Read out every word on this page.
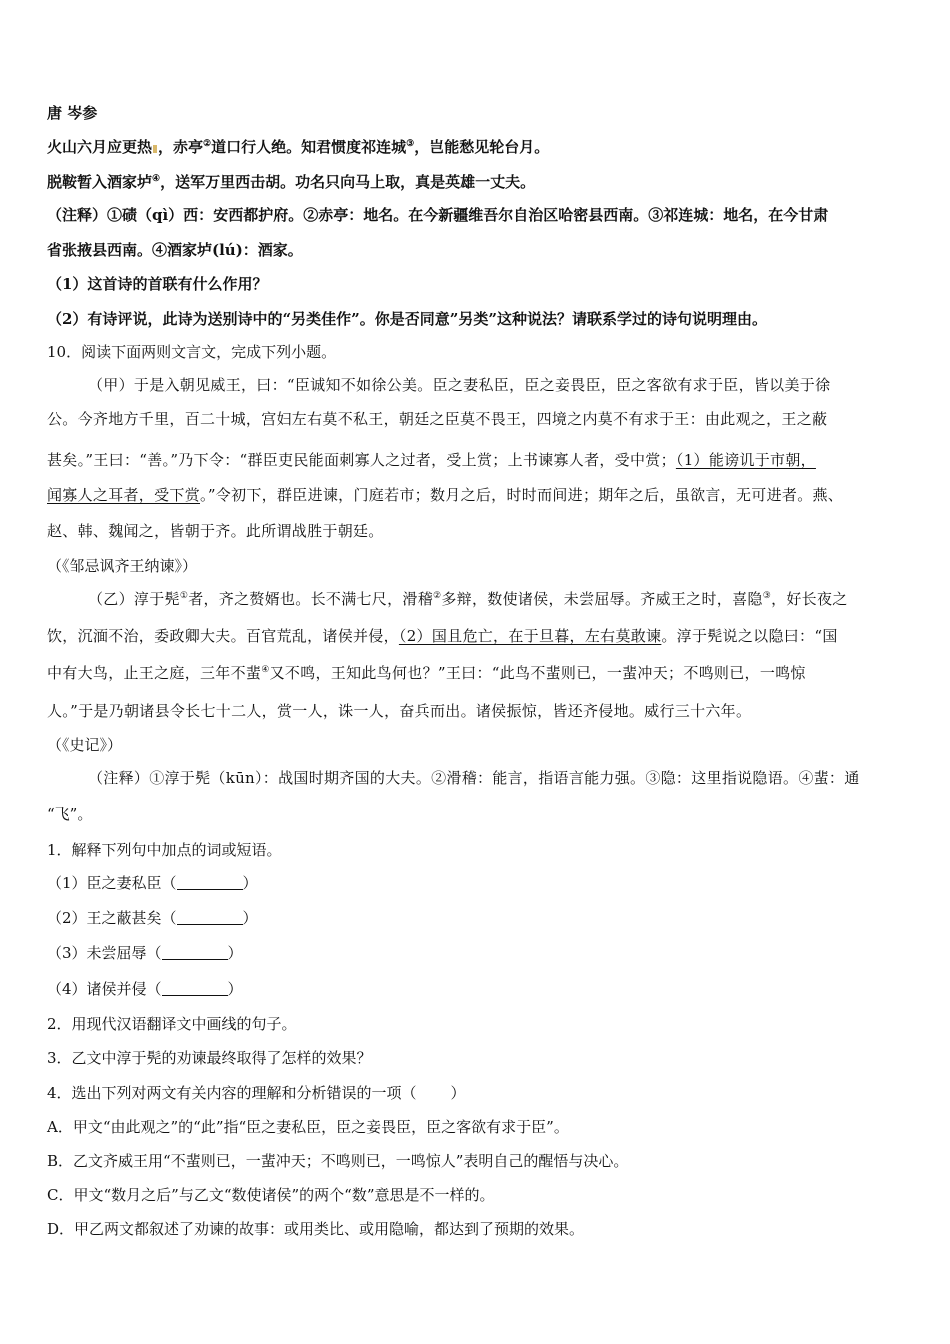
唐 岑参
火山六月应更热 ，赤亭②道口行人绝。知君惯度祁连城③，岂能愁见轮台月。
脱鞍暂入酒家垆④，送军万里西击胡。功名只向马上取，真是英雄一丈夫。
（注释）①碛（qì）西：安西都护府。②赤亭：地名。在今新疆维吾尔自治区哈密县西南。③祁连城：地名，在今甘肃
省张掖县西南。④酒家垆(lú)：酒家。
（1）这首诗的首联有什么作用？
（2）有诗评说，此诗为送别诗中的“另类佳作”。你是否同意”另类”这种说法？请联系学过的诗句说明理由。
10．阅读下面两则文言文，完成下列小题。
（甲）于是入朝见威王，曰：“臣诚知不如徐公美。臣之妻私臣，臣之妾畏臣，臣之客欲有求于臣，皆以美于徐
公。今齐地方千里，百二十城，宫妇左右莫不私王，朝廷之臣莫不畏王，四境之内莫不有求于王：由此观之，王之蔽
甚矣。”王曰：“善。”乃下令：“群臣吏民能面刺寡人之过者，受上赏；上书谏寡人者，受中赏；（1）能谤讥于市朝，
闻寡人之耳者，受下赏。”令初下，群臣进谏，门庭若市；数月之后，时时而间进；期年之后，虽欲言，无可进者。燕、
赵、韩、魏闻之，皆朝于齐。此所谓战胜于朝廷。
（《邹忌讽齐王纳谏》）
（乙）淳于髡①者，齐之赘婿也。长不满七尺，滑稽②多辩，数使诸侯，未尝屈辱。齐威王之时，喜隐③，好长夜之
饮，沉湎不治，委政卿大夫。百官荒乱，诸侯并侵，（2）国且危亡，在于旦暮，左右莫敢谏。淳于髡说之以隐曰：“国
中有大鸟，止王之庭，三年不蜚④又不鸣，王知此鸟何也？”王曰：“此鸟不蜚则已，一蜚冲天；不鸣则已，一鸣惊
人。”于是乃朝诸县令长七十二人，赏一人，诛一人，奋兵而出。诸侯振惊，皆还齐侵地。威行三十六年。
（《史记》）
（注释）①淳于髡（kūn）：战国时期齐国的大夫。②滑稽：能言，指语言能力强。③隐：这里指说隐语。④蜚：通
“飞”。
1．解释下列句中加点的词或短语。
（1）臣之妻私臣（	）
（2）王之蔽甚矣（	）
（3）未尝屈辱（	）
（4）诸侯并侵（	）
2．用现代汉语翻译文中画线的句子。
3．乙文中淳于髡的劝谏最终取得了怎样的效果？
4．选出下列对两文有关内容的理解和分析错误的一项（ ）
A．甲文“由此观之”的“此”指“臣之妻私臣，臣之妾畏臣，臣之客欲有求于臣”。
B．乙文齐威王用“不蜚则已，一蜚冲天；不鸣则已，一鸣惊人”表明自己的醒悟与决心。
C．甲文“数月之后”与乙文“数使诸侯”的两个“数”意思是不一样的。
D．甲乙两文都叙述了劝谏的故事：或用类比、或用隐喻，都达到了预期的效果。
